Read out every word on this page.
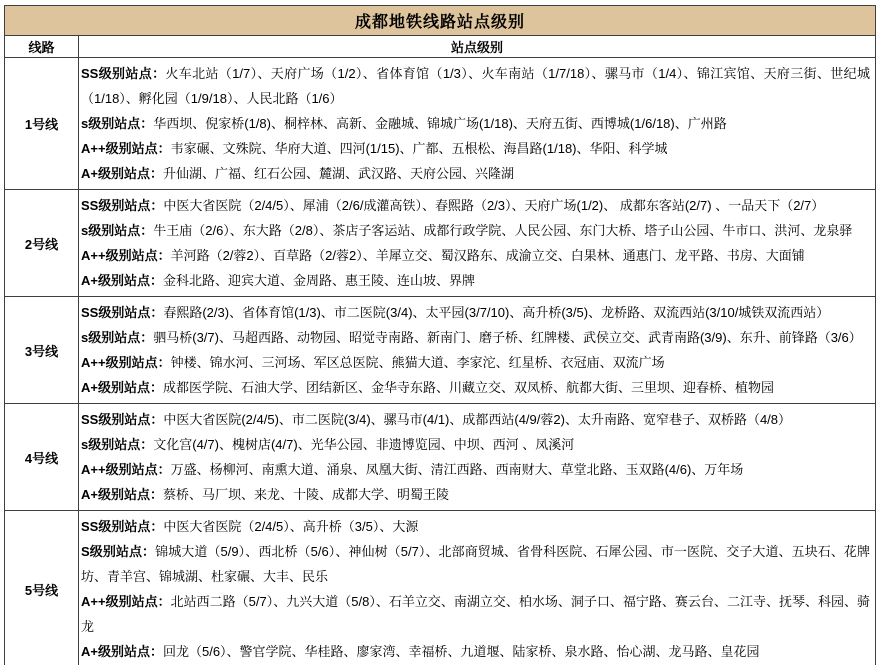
成都地铁线路站点级别	
线路	站点级别
1号线	SS级别站点：火车北站（1/7）、天府广场（1/2）、省体育馆（1/3）、火车南站（1/7/18）、骡马市（1/4）、锦江宾馆、天府三街、世纪城（1/18）、孵化园（1/9/18）、人民北路（1/6）

s级别站点：华西坝、倪家桥(1/8)、桐梓林、高新、金融城、锦城广场(1/18)、天府五街、西博城(1/6/18)、广州路

A++级别站点：韦家碾、文殊院、华府大道、四河(1/15)、广都、五根松、海昌路(1/18)、华阳、科学城

A+级别站点：升仙湖、广福、红石公园、麓湖、武汉路、天府公园、兴隆湖

2号线	SS级别站点：中医大省医院（2/4/5）、犀浦（2/6/成灌高铁）、春熙路（2/3）、天府广场(1/2)、 成都东客站(2/7) 、一品天下（2/7）

s级别站点：牛王庙（2/6）、东大路（2/8）、茶店子客运站、成都行政学院、人民公园、东门大桥、塔子山公园、牛市口、洪河、龙泉驿

A++级别站点：羊河路（2/蓉2）、百草路（2/蓉2）、羊犀立交、蜀汉路东、成渝立交、白果林、通惠门、龙平路、书房、大面铺

A+级别站点：金科北路、迎宾大道、金周路、惠王陵、连山坡、界牌

3号线	SS级别站点：春熙路(2/3)、省体育馆(1/3)、市二医院(3/4)、太平园(3/7/10)、高升桥(3/5)、龙桥路、双流西站(3/10/城铁双流西站）

s级别站点：驷马桥(3/7)、马超西路、动物园、昭觉寺南路、新南门、磨子桥、红牌楼、武侯立交、武青南路(3/9)、东升、前锋路（3/6）

A++级别站点：钟楼、锦水河、三河场、军区总医院、熊猫大道、李家沱、红星桥、衣冠庙、双流广场

A+级别站点：成都医学院、石油大学、团结新区、金华寺东路、川藏立交、双凤桥、航都大街、三里坝、迎春桥、植物园

4号线	SS级别站点：中医大省医院(2/4/5)、市二医院(3/4)、骡马市(4/1)、成都西站(4/9/蓉2)、太升南路、宽窄巷子、双桥路（4/8）

s级别站点：文化宫(4/7)、槐树店(4/7)、光华公园、非遗博览园、中坝、西河 、凤溪河

A++级别站点：万盛、杨柳河、南熏大道、涌泉、凤凰大街、清江西路、西南财大、草堂北路、玉双路(4/6)、万年场

A+级别站点：蔡桥、马厂坝、来龙、十陵、成都大学、明蜀王陵

5号线	SS级别站点：中医大省医院（2/4/5）、高升桥（3/5）、大源

S级别站点：锦城大道（5/9）、西北桥（5/6）、神仙树（5/7）、北部商贸城、省骨科医院、石犀公园、市一医院、交子大道、五块石、花牌坊、青羊宫、锦城湖、杜家碾、大丰、民乐

A++级别站点：北站西二路（5/7）、九兴大道（5/8）、石羊立交、南湖立交、柏水场、洞子口、福宁路、赛云台、二江寺、抚琴、科园、骑龙

A+级别站点：回龙（5/6）、警官学院、华桂路、廖家湾、幸福桥、九道堰、陆家桥、泉水路、怡心湖、龙马路、皇花园
